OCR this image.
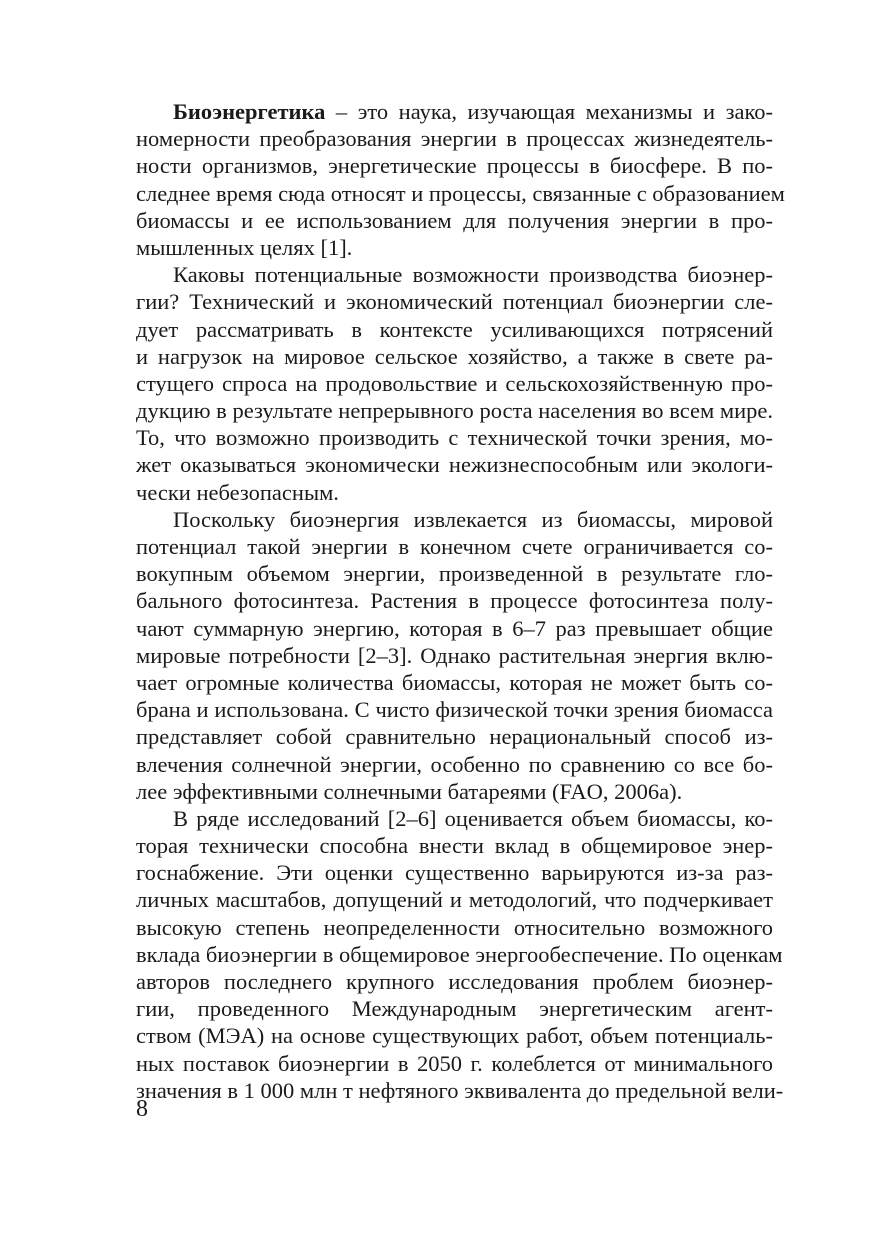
Биоэнергетика – это наука, изучающая механизмы и зако-
номерности преобразования энергии в процессах жизнедеятель-
ности организмов, энергетические процессы в биосфере. В по-
следнее время сюда относят и процессы, связанные с образованием
биомассы и ее использованием для получения энергии в про-
мышленных целях [1].
Каковы потенциальные возможности производства биоэнер-
гии? Технический и экономический потенциал биоэнергии сле-
дует рассматривать в контексте усиливающихся потрясений
и нагрузок на мировое сельское хозяйство, а также в свете ра-
стущего спроса на продовольствие и сельскохозяйственную про-
дукцию в результате непрерывного роста населения во всем мире.
То, что возможно производить с технической точки зрения, мо-
жет оказываться экономически нежизнеспособным или экологи-
чески небезопасным.
Поскольку биоэнергия извлекается из биомассы, мировой
потенциал такой энергии в конечном счете ограничивается со-
вокупным объемом энергии, произведенной в результате гло-
бального фотосинтеза. Растения в процессе фотосинтеза полу-
чают суммарную энергию, которая в 6–7 раз превышает общие
мировые потребности [2–3]. Однако растительная энергия вклю-
чает огромные количества биомассы, которая не может быть со-
брана и использована. С чисто физической точки зрения биомасса
представляет собой сравнительно нерациональный способ из-
влечения солнечной энергии, особенно по сравнению со все бо-
лее эффективными солнечными батареями (FAO, 2006a).
В ряде исследований [2–6] оценивается объем биомассы, ко-
торая технически способна внести вклад в общемировое энер-
госнабжение. Эти оценки существенно варьируются из-за раз-
личных масштабов, допущений и методологий, что подчеркивает
высокую степень неопределенности относительно возможного
вклада биоэнергии в общемировое энергообеспечение. По оценкам
авторов последнего крупного исследования проблем биоэнер-
гии, проведенного Международным энергетическим агент-
ством (МЭА) на основе существующих работ, объем потенциаль-
ных поставок биоэнергии в 2050 г. колеблется от минимального
значения в 1 000 млн т нефтяного эквивалента до предельной вели-
8
